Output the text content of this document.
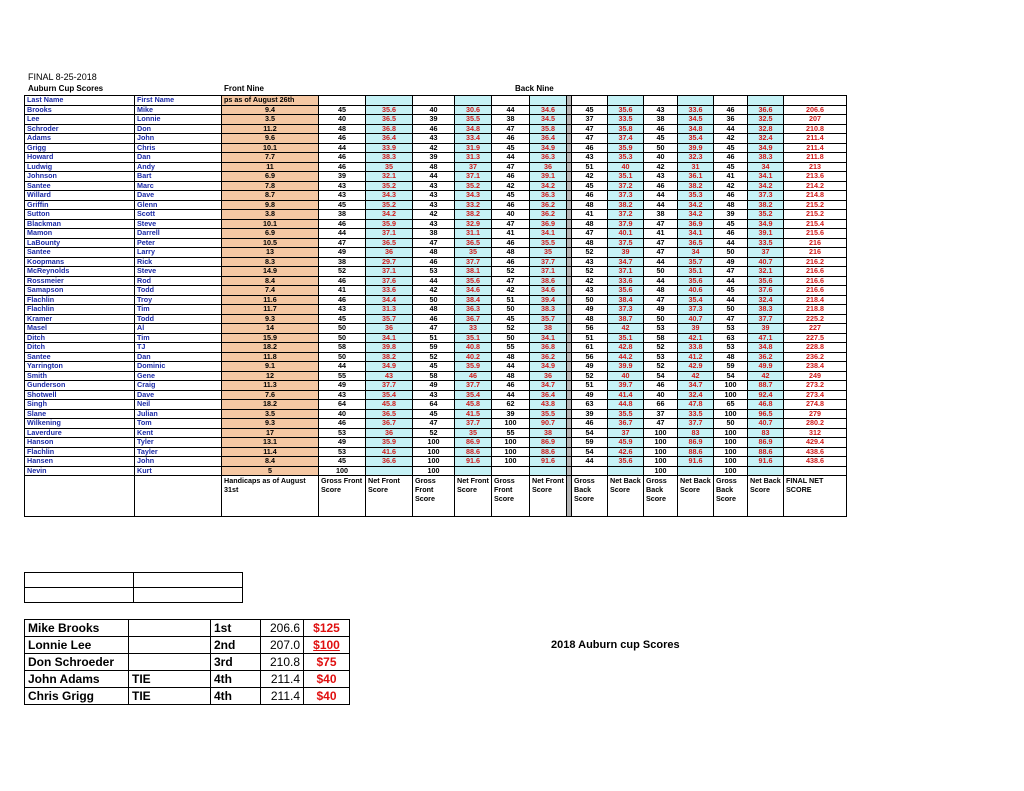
FINAL 8-25-2018
Auburn Cup Scores	Front Nine	Back Nine
Last Name	First Name	ps as of August 26th														
Brooks	Mike	9.4	45	35.6	40	30.6	44	34.6		45	35.6	43	33.6	46	36.6	206.6
Lee	Lonnie	3.5	40	36.5	39	35.5	38	34.5		37	33.5	38	34.5	36	32.5	207
Schroder	Don	11.2	48	36.8	46	34.8	47	35.8		47	35.8	46	34.8	44	32.8	210.8
Adams	John	9.6	46	36.4	43	33.4	46	36.4		47	37.4	45	35.4	42	32.4	211.4
Grigg	Chris	10.1	44	33.9	42	31.9	45	34.9		46	35.9	50	39.9	45	34.9	211.4
Howard	Dan	7.7	46	38.3	39	31.3	44	36.3		43	35.3	40	32.3	46	38.3	211.8
Ludwig	Andy	11	46	35	48	37	47	36		51	40	42	31	45	34	213
Johnson	Bart	6.9	39	32.1	44	37.1	46	39.1		42	35.1	43	36.1	41	34.1	213.6
Santee	Marc	7.8	43	35.2	43	35.2	42	34.2		45	37.2	46	38.2	42	34.2	214.2
Willard	Dave	8.7	43	34.3	43	34.3	45	36.3		46	37.3	44	35.3	46	37.3	214.8
Griffin	Glenn	9.8	45	35.2	43	33.2	46	36.2		48	38.2	44	34.2	48	38.2	215.2
Sutton	Scott	3.8	38	34.2	42	38.2	40	36.2		41	37.2	38	34.2	39	35.2	215.2
Blackman	Steve	10.1	46	35.9	43	32.9	47	36.9		48	37.9	47	36.9	45	34.9	215.4
Mamon	Darrell	6.9	44	37.1	38	31.1	41	34.1		47	40.1	41	34.1	46	39.1	215.6
LaBounty	Peter	10.5	47	36.5	47	36.5	46	35.5		48	37.5	47	36.5	44	33.5	216
Santee	Larry	13	49	36	48	35	48	35		52	39	47	34	50	37	216
Koopmans	Rick	8.3	38	29.7	46	37.7	46	37.7		43	34.7	44	35.7	49	40.7	216.2
McReynolds	Steve	14.9	52	37.1	53	38.1	52	37.1		52	37.1	50	35.1	47	32.1	216.6
Rossmeier	Rod	8.4	46	37.6	44	35.6	47	38.6		42	33.6	44	35.6	44	35.6	216.6
Samapson	Todd	7.4	41	33.6	42	34.6	42	34.6		43	35.6	48	40.6	45	37.6	216.6
Flachlin	Troy	11.6	46	34.4	50	38.4	51	39.4		50	38.4	47	35.4	44	32.4	218.4
Flachlin	Tim	11.7	43	31.3	48	36.3	50	38.3		49	37.3	49	37.3	50	38.3	218.8
Kramer	Todd	9.3	45	35.7	46	36.7	45	35.7		48	38.7	50	40.7	47	37.7	225.2
Masel	Al	14	50	36	47	33	52	38		56	42	53	39	53	39	227
Ditch	Tim	15.9	50	34.1	51	35.1	50	34.1		51	35.1	58	42.1	63	47.1	227.5
Ditch	TJ	18.2	58	39.8	59	40.8	55	36.8		61	42.8	52	33.8	53	34.8	228.8
Santee	Dan	11.8	50	38.2	52	40.2	48	36.2		56	44.2	53	41.2	48	36.2	236.2
Yarrington	Dominic	9.1	44	34.9	45	35.9	44	34.9		49	39.9	52	42.9	59	49.9	238.4
Smith	Gene	12	55	43	58	46	48	36		52	40	54	42	54	42	249
Gunderson	Craig	11.3	49	37.7	49	37.7	46	34.7		51	39.7	46	34.7	100	88.7	273.2
Shotwell	Dave	7.6	43	35.4	43	35.4	44	36.4		49	41.4	40	32.4	100	92.4	273.4
Singh	Neil	18.2	64	45.8	64	45.8	62	43.8		63	44.8	66	47.8	65	46.8	274.8
Slane	Julian	3.5	40	36.5	45	41.5	39	35.5		39	35.5	37	33.5	100	96.5	279
Wilkening	Tom	9.3	46	36.7	47	37.7	100	90.7		46	36.7	47	37.7	50	40.7	280.2
Laverdure	Kent	17	53	36	52	35	55	38		54	37	100	83	100	83	312
Hanson	Tyler	13.1	49	35.9	100	86.9	100	86.9		59	45.9	100	86.9	100	86.9	429.4
Flachlin	Tayler	11.4	53	41.6	100	88.6	100	88.6		54	42.6	100	88.6	100	88.6	438.6
Hansen	John	8.4	45	36.6	100	91.6	100	91.6		44	35.6	100	91.6	100	91.6	438.6
Nevin	Kurt	5	100		100							100		100		
		Handicaps as of August 31st	Gross Front Score	Net Front Score	Gross Front Score	Net Front Score	Gross Front Score	Net Front Score		Gross Back Score	Net Back Score	Gross Back Score	Net Back Score	Gross Back Score	Net Back Score	FINAL NET SCORE

Mike Brooks		1st	206.6	$125
Lonnie Lee		2nd	207.0	$100
Don Schroeder		3rd	210.8	$75
John Adams	TIE	4th	211.4	$40
Chris Grigg	TIE	4th	211.4	$40
2018 Auburn cup Scores
